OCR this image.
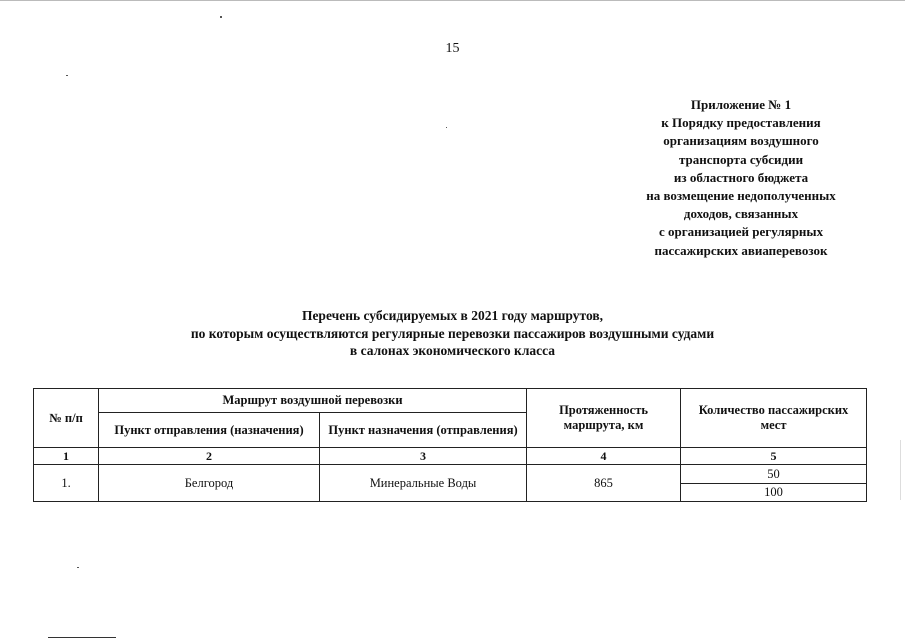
15
Приложение № 1
к Порядку предоставления
организациям воздушного
транспорта субсидии
из областного бюджета
на возмещение недополученных
доходов, связанных
с организацией регулярных
пассажирских авиаперевозок
Перечень субсидируемых в 2021 году маршрутов,
по которым осуществляются регулярные перевозки пассажиров воздушными судами
в салонах экономического класса
№ п/п	Маршрут воздушной перевозки		Протяженность маршрута, км	Количество пассажирских мест
	Пункт отправления (назначения)	Пункт назначения (отправления)		
1	2	3	4	5
1.	Белгород	Минеральные Воды	865	50
				100
